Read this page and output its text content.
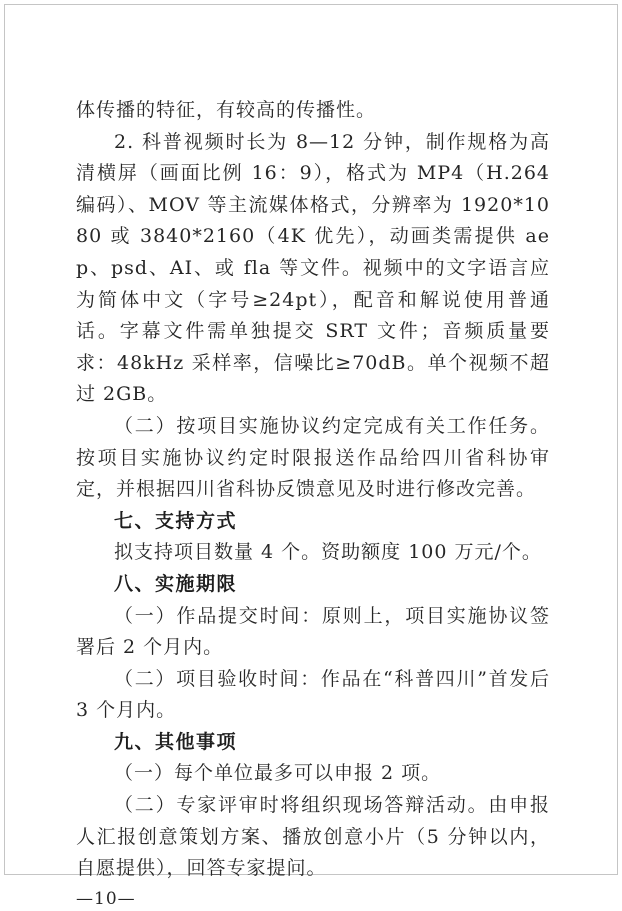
体传播的特征，有较高的传播性。

2. 科普视频时长为 8—12 分钟，制作规格为高清横屏（画面比例 16：9），格式为 MP4（H.264 编码）、MOV 等主流媒体格式，分辨率为 1920*1080 或 3840*2160（4K 优先），动画类需提供 aep、psd、AI、或 fla 等文件。视频中的文字语言应为简体中文（字号≥24pt），配音和解说使用普通话。字幕文件需单独提交 SRT 文件；音频质量要求：48kHz 采样率，信噪比≥70dB。单个视频不超过 2GB。

（二）按项目实施协议约定完成有关工作任务。按项目实施协议约定时限报送作品给四川省科协审定，并根据四川省科协反馈意见及时进行修改完善。

七、支持方式

拟支持项目数量 4 个。资助额度 100 万元/个。

八、实施期限

（一）作品提交时间：原则上，项目实施协议签署后 2 个月内。

（二）项目验收时间：作品在“科普四川”首发后 3 个月内。

九、其他事项

（一）每个单位最多可以申报 2 项。

（二）专家评审时将组织现场答辩活动。由申报人汇报创意策划方案、播放创意小片（5 分钟以内，自愿提供），回答专家提问。

—10—
